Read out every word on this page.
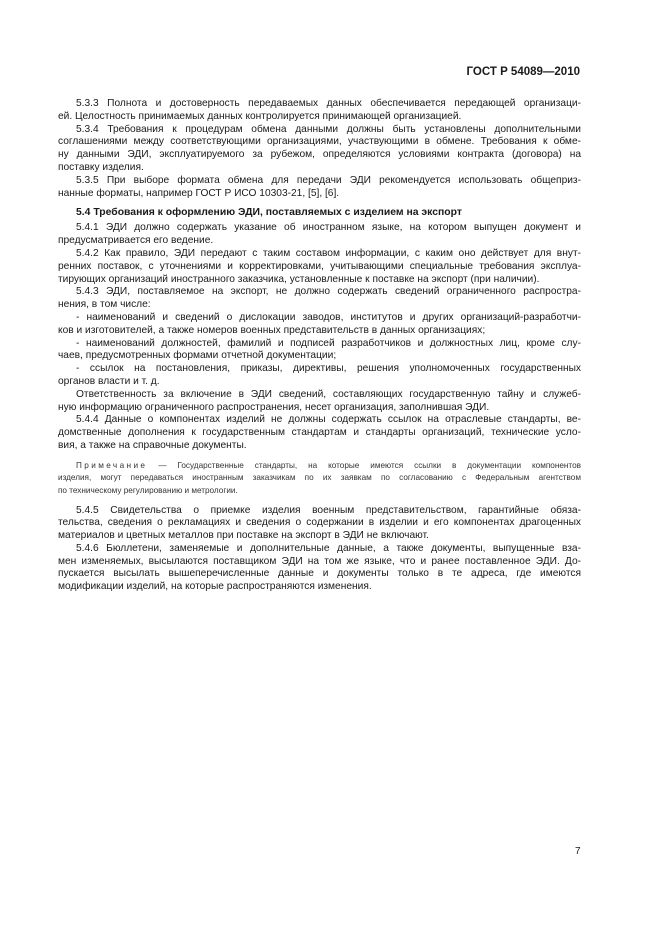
ГОСТ Р 54089—2010
5.3.3 Полнота и достоверность передаваемых данных обеспечивается передающей организаци-
ей. Целостность принимаемых данных контролируется принимающей организацией.
5.3.4 Требования к процедурам обмена данными должны быть установлены дополнительными
соглашениями между соответствующими организациями, участвующими в обмене. Требования к обме-
ну данными ЭДИ, эксплуатируемого за рубежом, определяются условиями контракта (договора) на
поставку изделия.
5.3.5 При выборе формата обмена для передачи ЭДИ рекомендуется использовать общеприз-
нанные форматы, например ГОСТ Р ИСО 10303-21, [5], [6].
5.4 Требования к оформлению ЭДИ, поставляемых с изделием на экспорт
5.4.1 ЭДИ должно содержать указание об иностранном языке, на котором выпущен документ и
предусматривается его ведение.
5.4.2 Как правило, ЭДИ передают с таким составом информации, с каким оно действует для внут-
ренних поставок, с уточнениями и корректировками, учитывающими специальные требования эксплуа-
тирующих организаций иностранного заказчика, установленные к поставке на экспорт (при наличии).
5.4.3 ЭДИ, поставляемое на экспорт, не должно содержать сведений ограниченного распростра-
нения, в том числе:
- наименований и сведений о дислокации заводов, институтов и других организаций-разработчи-
ков и изготовителей, а также номеров военных представительств в данных организациях;
- наименований должностей, фамилий и подписей разработчиков и должностных лиц, кроме слу-
чаев, предусмотренных формами отчетной документации;
- ссылок на постановления, приказы, директивы, решения уполномоченных государственных
органов власти и т. д.
Ответственность за включение в ЭДИ сведений, составляющих государственную тайну и служеб-
ную информацию ограниченного распространения, несет организация, заполнившая ЭДИ.
5.4.4 Данные о компонентах изделий не должны содержать ссылок на отраслевые стандарты, ве-
домственные дополнения к государственным стандартам и стандарты организаций, технические усло-
вия, а также на справочные документы.
Примечание — Государственные стандарты, на которые имеются ссылки в документации компонентов
изделия, могут передаваться иностранным заказчикам по их заявкам по согласованию с Федеральным агентством
по техническому регулированию и метрологии.
5.4.5 Свидетельства о приемке изделия военным представительством, гарантийные обяза-
тельства, сведения о рекламациях и сведения о содержании в изделии и его компонентах драгоценных
материалов и цветных металлов при поставке на экспорт в ЭДИ не включают.
5.4.6 Бюллетени, заменяемые и дополнительные данные, а также документы, выпущенные вза-
мен изменяемых, высылаются поставщиком ЭДИ на том же языке, что и ранее поставленное ЭДИ. До-
пускается высылать вышеперечисленные данные и документы только в те адреса, где имеются
модификации изделий, на которые распространяются изменения.
7
